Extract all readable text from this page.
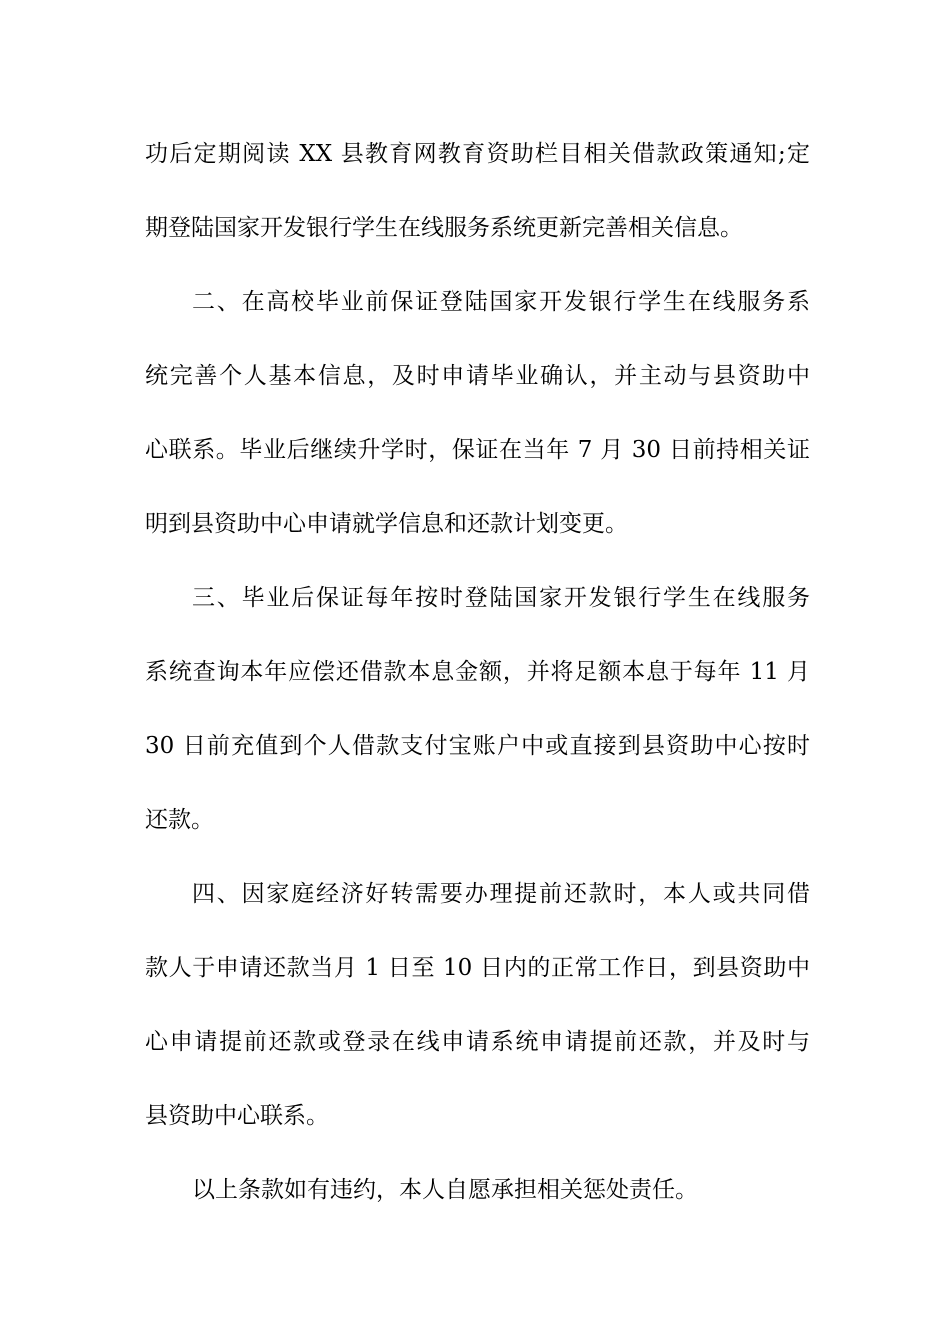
功后定期阅读 XX 县教育网教育资助栏目相关借款政策通知;定
期登陆国家开发银行学生在线服务系统更新完善相关信息。
二、在高校毕业前保证登陆国家开发银行学生在线服务系
统完善个人基本信息，及时申请毕业确认，并主动与县资助中
心联系。毕业后继续升学时，保证在当年 7 月 30 日前持相关证
明到县资助中心申请就学信息和还款计划变更。
三、毕业后保证每年按时登陆国家开发银行学生在线服务
系统查询本年应偿还借款本息金额，并将足额本息于每年 11 月
30 日前充值到个人借款支付宝账户中或直接到县资助中心按时
还款。
四、因家庭经济好转需要办理提前还款时，本人或共同借
款人于申请还款当月 1 日至 10 日内的正常工作日，到县资助中
心申请提前还款或登录在线申请系统申请提前还款，并及时与
县资助中心联系。
以上条款如有违约，本人自愿承担相关惩处责任。
